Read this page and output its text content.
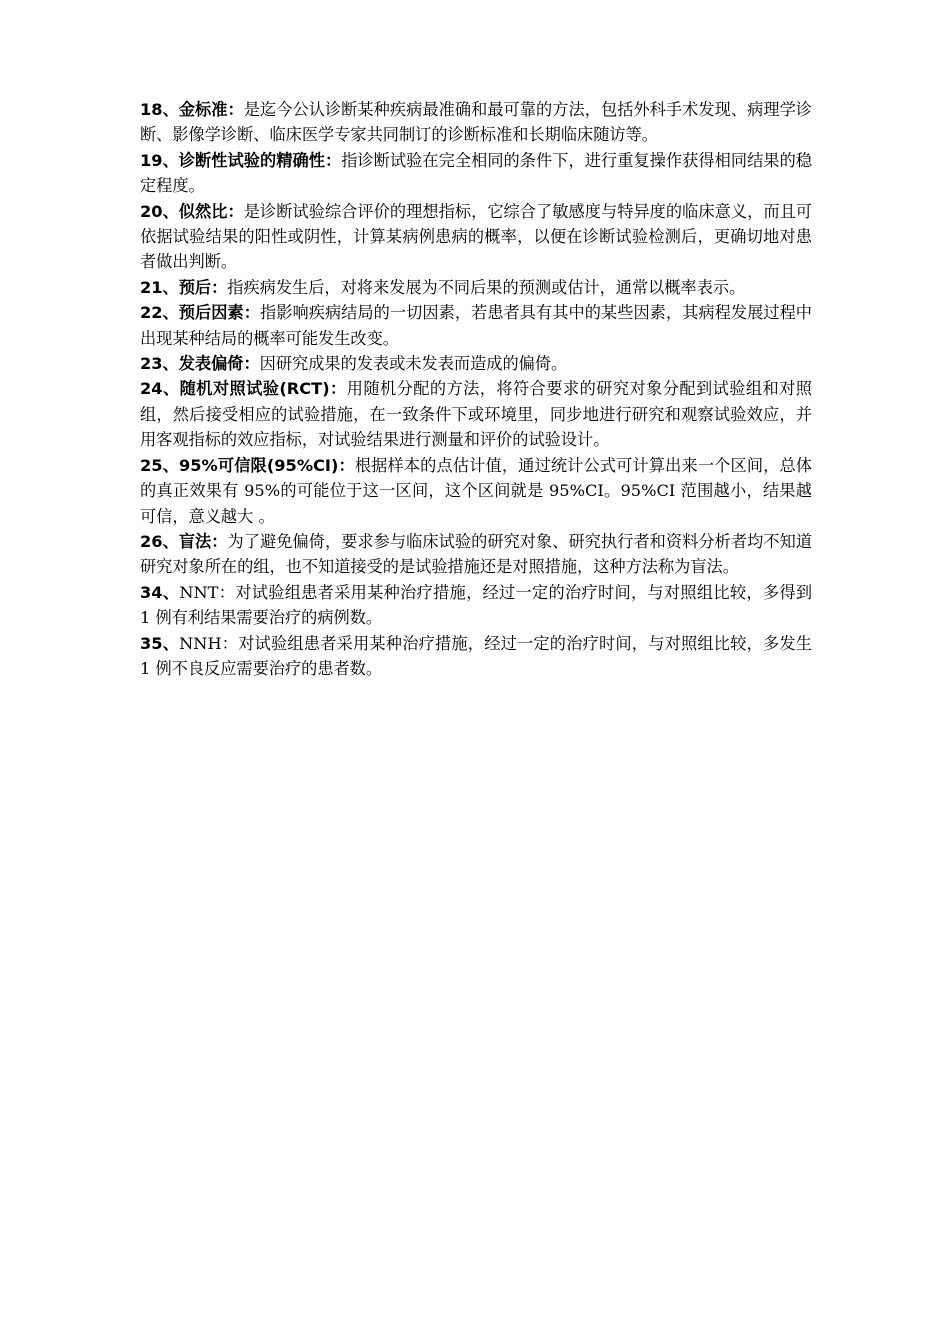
18、金标准：是迄今公认诊断某种疾病最准确和最可靠的方法，包括外科手术发现、病理学诊断、影像学诊断、临床医学专家共同制订的诊断标准和长期临床随访等。

19、诊断性试验的精确性：指诊断试验在完全相同的条件下，进行重复操作获得相同结果的稳定程度。

20、似然比：是诊断试验综合评价的理想指标，它综合了敏感度与特异度的临床意义，而且可依据试验结果的阳性或阴性，计算某病例患病的概率，以便在诊断试验检测后，更确切地对患者做出判断。

21、预后：指疾病发生后，对将来发展为不同后果的预测或估计，通常以概率表示。

22、预后因素：指影响疾病结局的一切因素，若患者具有其中的某些因素，其病程发展过程中出现某种结局的概率可能发生改变。

23、发表偏倚：因研究成果的发表或未发表而造成的偏倚。

24、随机对照试验(RCT)：用随机分配的方法，将符合要求的研究对象分配到试验组和对照组，然后接受相应的试验措施，在一致条件下或环境里，同步地进行研究和观察试验效应，并用客观指标的效应指标，对试验结果进行测量和评价的试验设计。

25、95%可信限(95%CI)：根据样本的点估计值，通过统计公式可计算出来一个区间，总体的真正效果有 95%的可能位于这一区间，这个区间就是 95%CI。95%CI 范围越小，结果越可信，意义越大 。

26、盲法：为了避免偏倚，要求参与临床试验的研究对象、研究执行者和资料分析者均不知道研究对象所在的组，也不知道接受的是试验措施还是对照措施，这种方法称为盲法。

34、NNT：对试验组患者采用某种治疗措施，经过一定的治疗时间，与对照组比较，多得到 1 例有利结果需要治疗的病例数。

35、NNH：对试验组患者采用某种治疗措施，经过一定的治疗时间，与对照组比较，多发生 1 例不良反应需要治疗的患者数。
